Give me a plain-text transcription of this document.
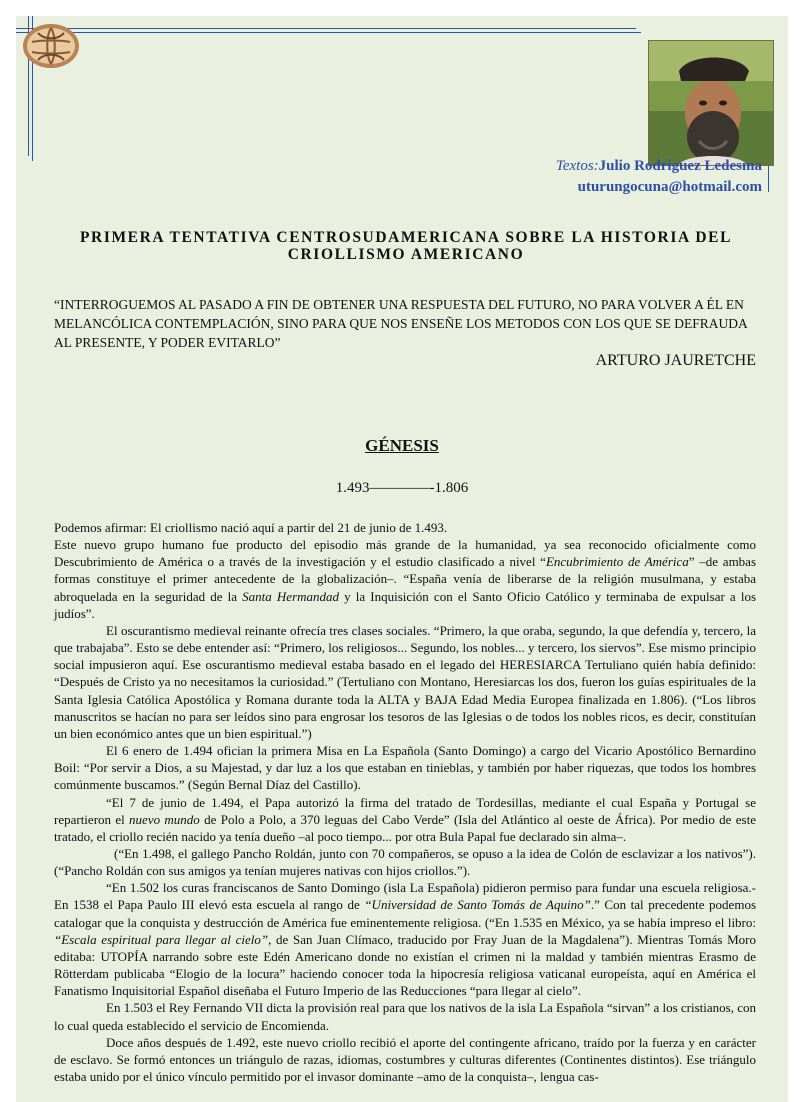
Textos:Julio Rodríguez Ledesma
uturungocuna@hotmail.com
PRIMERA TENTATIVA CENTROSUDAMERICANA SOBRE LA HISTORIA DEL CRIOLLISMO AMERICANO
“INTERROGUEMOS AL PASADO A FIN DE OBTENER UNA RESPUESTA DEL FUTURO, NO PARA VOLVER A ÉL EN MELANCÓLICA CONTEMPLACIÓN, SINO PARA QUE NOS ENSEÑE LOS METODOS CON LOS QUE SE DEFRAUDA AL PRESENTE, Y PODER EVITARLO”
ARTURO JAURETCHE
GÉNESIS
1.493————-1.806

Podemos afirmar: El criollismo nació aquí a partir del 21 de junio de 1.493.

Este nuevo grupo humano fue producto del episodio más grande de la humanidad, ya sea reconocido oficialmente como Descubrimiento de América o a través de la investigación y el estudio clasificado a nivel “Encubrimiento de América” –de ambas formas constituye el primer antecedente de la globalización–. “España venía de liberarse de la religión musulmana, y estaba abroquelada en la seguridad de la Santa Hermandad y la Inquisición con el Santo Oficio Católico y terminaba de expulsar a los judíos”.

El oscurantismo medieval reinante ofrecía tres clases sociales. “Primero, la que oraba, segundo, la que defendía y, tercero, la que trabajaba”. Esto se debe entender así: “Primero, los religiosos... Segundo, los nobles... y tercero, los siervos”. Ese mismo principio social impusieron aquí. Ese oscurantismo medieval estaba basado en el legado del HERESIARCA Tertuliano quién había definido: “Después de Cristo ya no necesitamos la curiosidad.” (Tertuliano con Montano, Heresiarcas los dos, fueron los guías espirituales de la Santa Iglesia Católica Apostólica y Romana durante toda la ALTA y BAJA Edad Media Europea finalizada en 1.806). (“Los libros manuscritos se hacían no para ser leídos sino para engrosar los tesoros de las Iglesias o de todos los nobles ricos, es decir, constituían un bien económico antes que un bien espiritual.”)

El 6 enero de 1.494 ofician la primera Misa en La Española (Santo Domingo) a cargo del Vicario Apostólico Bernardino Boil: “Por servir a Dios, a su Majestad, y dar luz a los que estaban en tinieblas, y también por haber riquezas, que todos los hombres comúnmente buscamos.” (Según Bernal Díaz del Castillo).

“El 7 de junio de 1.494, el Papa autorizó la firma del tratado de Tordesillas, mediante el cual España y Portugal se repartieron el nuevo mundo de Polo a Polo, a 370 leguas del Cabo Verde” (Isla del Atlántico al oeste de África). Por medio de este tratado, el criollo recién nacido ya tenía dueño –al poco tiempo... por otra Bula Papal fue declarado sin alma–.

(“En 1.498, el gallego Pancho Roldán, junto con 70 compañeros, se opuso a la idea de Colón de esclavizar a los nativos”). (“Pancho Roldán con sus amigos ya tenían mujeres nativas con hijos criollos.”).

“En 1.502 los curas franciscanos de Santo Domingo (isla La Española) pidieron permiso para fundar una escuela religiosa.- En 1538 el Papa Paulo III elevó esta escuela al rango de “Universidad de Santo Tomás de Aquino”.” Con tal precedente podemos catalogar que la conquista y destrucción de América fue eminentemente religiosa. (“En 1.535 en México, ya se había impreso el libro: “Escala espiritual para llegar al cielo”, de San Juan Clímaco, traducido por Fray Juan de la Magdalena”). Mientras Tomás Moro editaba: UTOPÍA narrando sobre este Edén Americano donde no existían el crimen ni la maldad y también mientras Erasmo de Rötterdam publicaba “Elogio de la locura” haciendo conocer toda la hipocresía religiosa vaticanal europeísta, aquí en América el Fanatismo Inquisitorial Español diseñaba el Futuro Imperio de las Reducciones “para llegar al cielo”.

En 1.503 el Rey Fernando VII dicta la provisión real para que los nativos de la isla La Española “sirvan” a los cristianos, con lo cual queda establecido el servicio de Encomienda.

Doce años después de 1.492, este nuevo criollo recibió el aporte del contingente africano, traído por la fuerza y en carácter de esclavo. Se formó entonces un triángulo de razas, idiomas, costumbres y culturas diferentes (Continentes distintos). Ese triángulo estaba unido por el único vínculo permitido por el invasor dominante –amo de la conquista–, lengua cas-
